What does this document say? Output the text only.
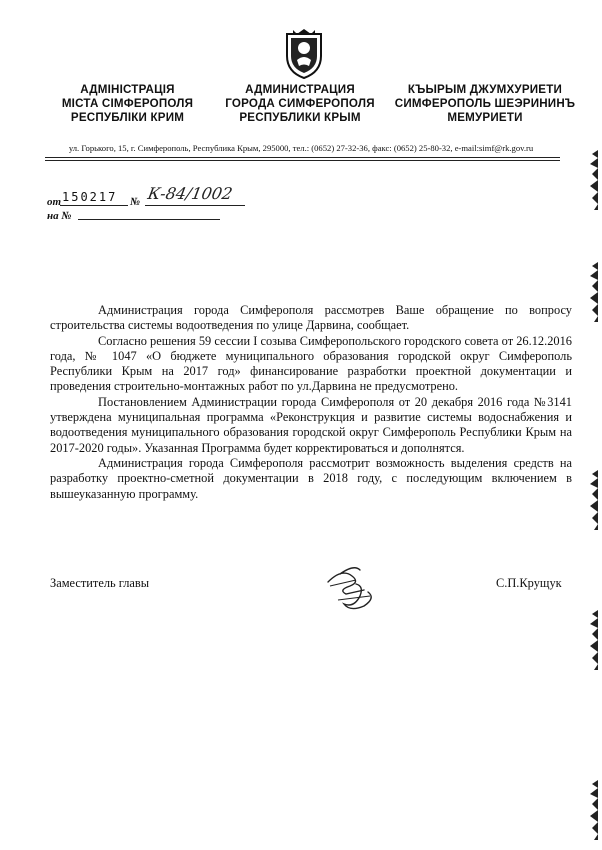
АДМІНІСТРАЦІЯ
МІСТА СІМФЕРОПОЛЯ
РЕСПУБЛІКИ КРИМ
АДМИНИСТРАЦИЯ
ГОРОДА СИМФЕРОПОЛЯ
РЕСПУБЛИКИ КРЫМ
КЪЫРЫМ ДЖУМХУРИЕТИ
СИМФЕРОПОЛЬ ШЕЭРИНИНЪ
МЕМУРИЕТИ
ул. Горького, 15, г. Симферополь, Республика Крым, 295000, тел.: (0652) 27-32-36, факс: (0652) 25-80-32, e-mail:simf@rk.gov.ru
от 150217 № К-84/1002
на №

Администрация города Симферополя рассмотрев Ваше обращение по вопросу строительства системы водоотведения по улице Дарвина, сообщает.

Согласно решения 59 сессии I созыва Симферопольского городского совета от 26.12.2016 года, № 1047 «О бюджете муниципального образования городской округ Симферополь Республики Крым на 2017 год» финансирование разработки проектной документации и проведения строительно-монтажных работ по ул.Дарвина не предусмотрено.

Постановлением Администрации города Симферополя от 20 декабря 2016 года №3141 утверждена муниципальная программа «Реконструкция и развитие системы водоснабжения и водоотведения муниципального образования городской округ Симферополь Республики Крым на 2017-2020 годы». Указанная Программа будет корректироваться и дополнятся.

Администрация города Симферополя рассмотрит возможность выделения средств на разработку проектно-сметной документации в 2018 году, с последующим включением в вышеуказанную программу.

Заместитель главы	С.П.Крущук
